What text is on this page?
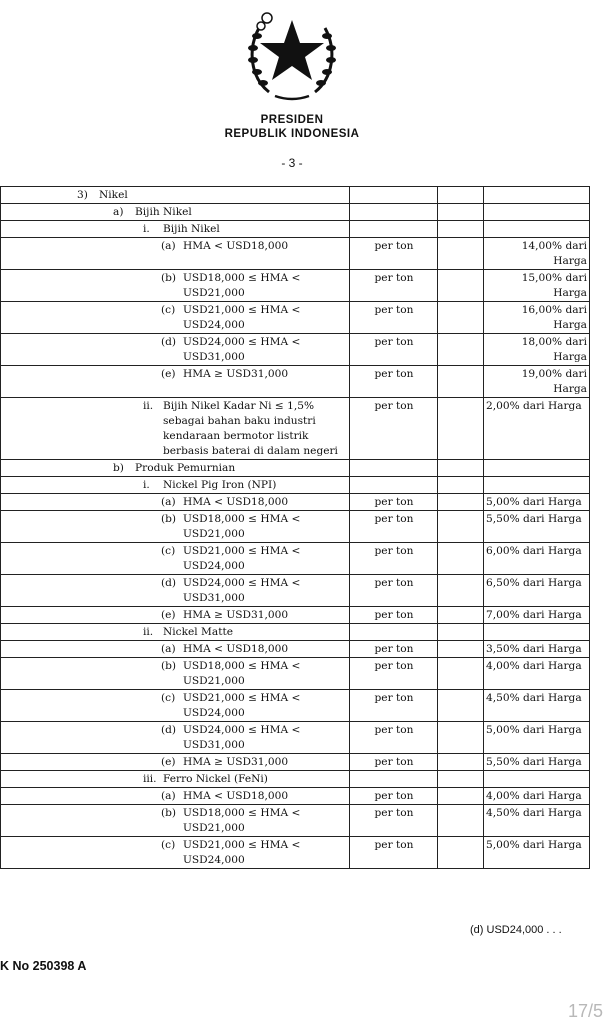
PRESIDEN
REPUBLIK INDONESIA
- 3 -
3) Nikel			

a) Bijih Nikel			

i. Bijih Nikel			

(a) HMA < USD18,000	per ton		14,00% dari Harga

(b) USD18,000 ≤ HMA < USD21,000	per ton		15,00% dari Harga

(c) USD21,000 ≤ HMA < USD24,000	per ton		16,00% dari Harga

(d) USD24,000 ≤ HMA < USD31,000	per ton		18,00% dari Harga

(e) HMA ≥ USD31,000	per ton		19,00% dari Harga

ii. Bijih Nikel Kadar Ni ≤ 1,5% sebagai bahan baku industri kendaraan bermotor listrik berbasis baterai di dalam negeri	per ton		2,00% dari Harga

b) Produk Pemurnian			

i. Nickel Pig Iron (NPI)			

(a) HMA < USD18,000	per ton		5,00% dari Harga

(b) USD18,000 ≤ HMA < USD21,000	per ton		5,50% dari Harga

(c) USD21,000 ≤ HMA < USD24,000	per ton		6,00% dari Harga

(d) USD24,000 ≤ HMA < USD31,000	per ton		6,50% dari Harga

(e) HMA ≥ USD31,000	per ton		7,00% dari Harga

ii. Nickel Matte			

(a) HMA < USD18,000	per ton		3,50% dari Harga

(b) USD18,000 ≤ HMA < USD21,000	per ton		4,00% dari Harga

(c) USD21,000 ≤ HMA < USD24,000	per ton		4,50% dari Harga

(d) USD24,000 ≤ HMA < USD31,000	per ton		5,00% dari Harga

(e) HMA ≥ USD31,000	per ton		5,50% dari Harga

iii. Ferro Nickel (FeNi)			

(a) HMA < USD18,000	per ton		4,00% dari Harga

(b) USD18,000 ≤ HMA < USD21,000	per ton		4,50% dari Harga

(c) USD21,000 ≤ HMA < USD24,000	per ton		5,00% dari Harga
(d) USD24,000 . . .
K No 250398 A
17/5
